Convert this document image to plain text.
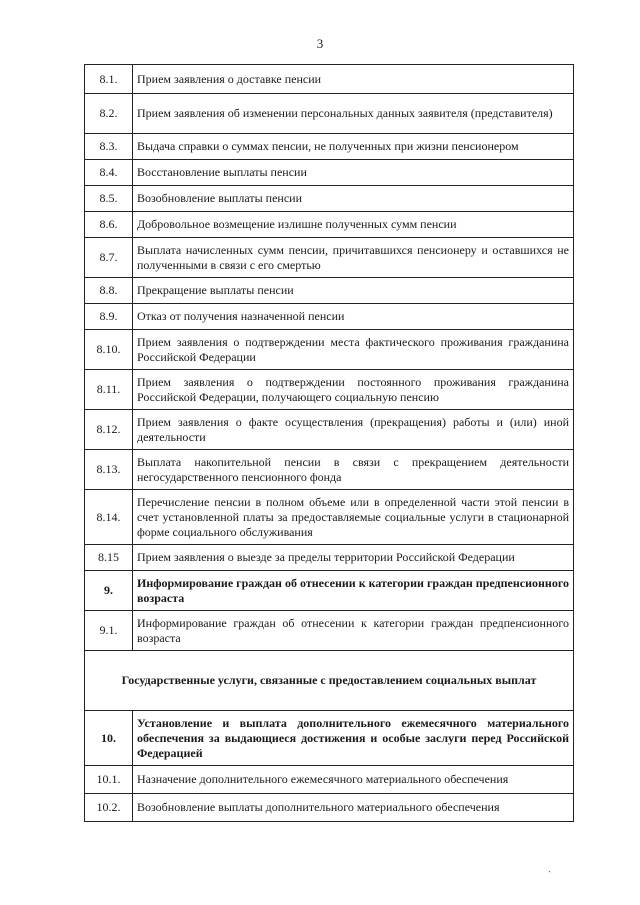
3
8.1.	Прием заявления о доставке пенсии
8.2.	Прием заявления об изменении персональных данных заявителя (представителя)
8.3.	Выдача справки о суммах пенсии, не полученных при жизни пенсионером
8.4.	Восстановление выплаты пенсии
8.5.	Возобновление выплаты пенсии
8.6.	Добровольное возмещение излишне полученных сумм пенсии
8.7.	Выплата начисленных сумм пенсии, причитавшихся пенсионеру и оставшихся не полученными в связи с его смертью
8.8.	Прекращение выплаты пенсии
8.9.	Отказ от получения назначенной пенсии
8.10.	Прием заявления о подтверждении места фактического проживания гражданина Российской Федерации
8.11.	Прием заявления о подтверждении постоянного проживания гражданина Российской Федерации, получающего социальную пенсию
8.12.	Прием заявления о факте осуществления (прекращения) работы и (или) иной деятельности
8.13.	Выплата накопительной пенсии в связи с прекращением деятельности негосударственного пенсионного фонда
8.14.	Перечисление пенсии в полном объеме или в определенной части этой пенсии в счет установленной платы за предоставляемые социальные услуги в стационарной форме социального обслуживания
8.15	Прием заявления о выезде за пределы территории Российской Федерации
9.	Информирование граждан об отнесении к категории граждан предпенсионного возраста
9.1.	Информирование граждан об отнесении к категории граждан предпенсионного возраста
Государственные услуги, связанные с предоставлением социальных выплат	
10.	Установление и выплата дополнительного ежемесячного материального обеспечения за выдающиеся достижения и особые заслуги перед Российской Федерацией
10.1.	Назначение дополнительного ежемесячного материального обеспечения
10.2.	Возобновление выплаты дополнительного материального обеспечения
ˎ
